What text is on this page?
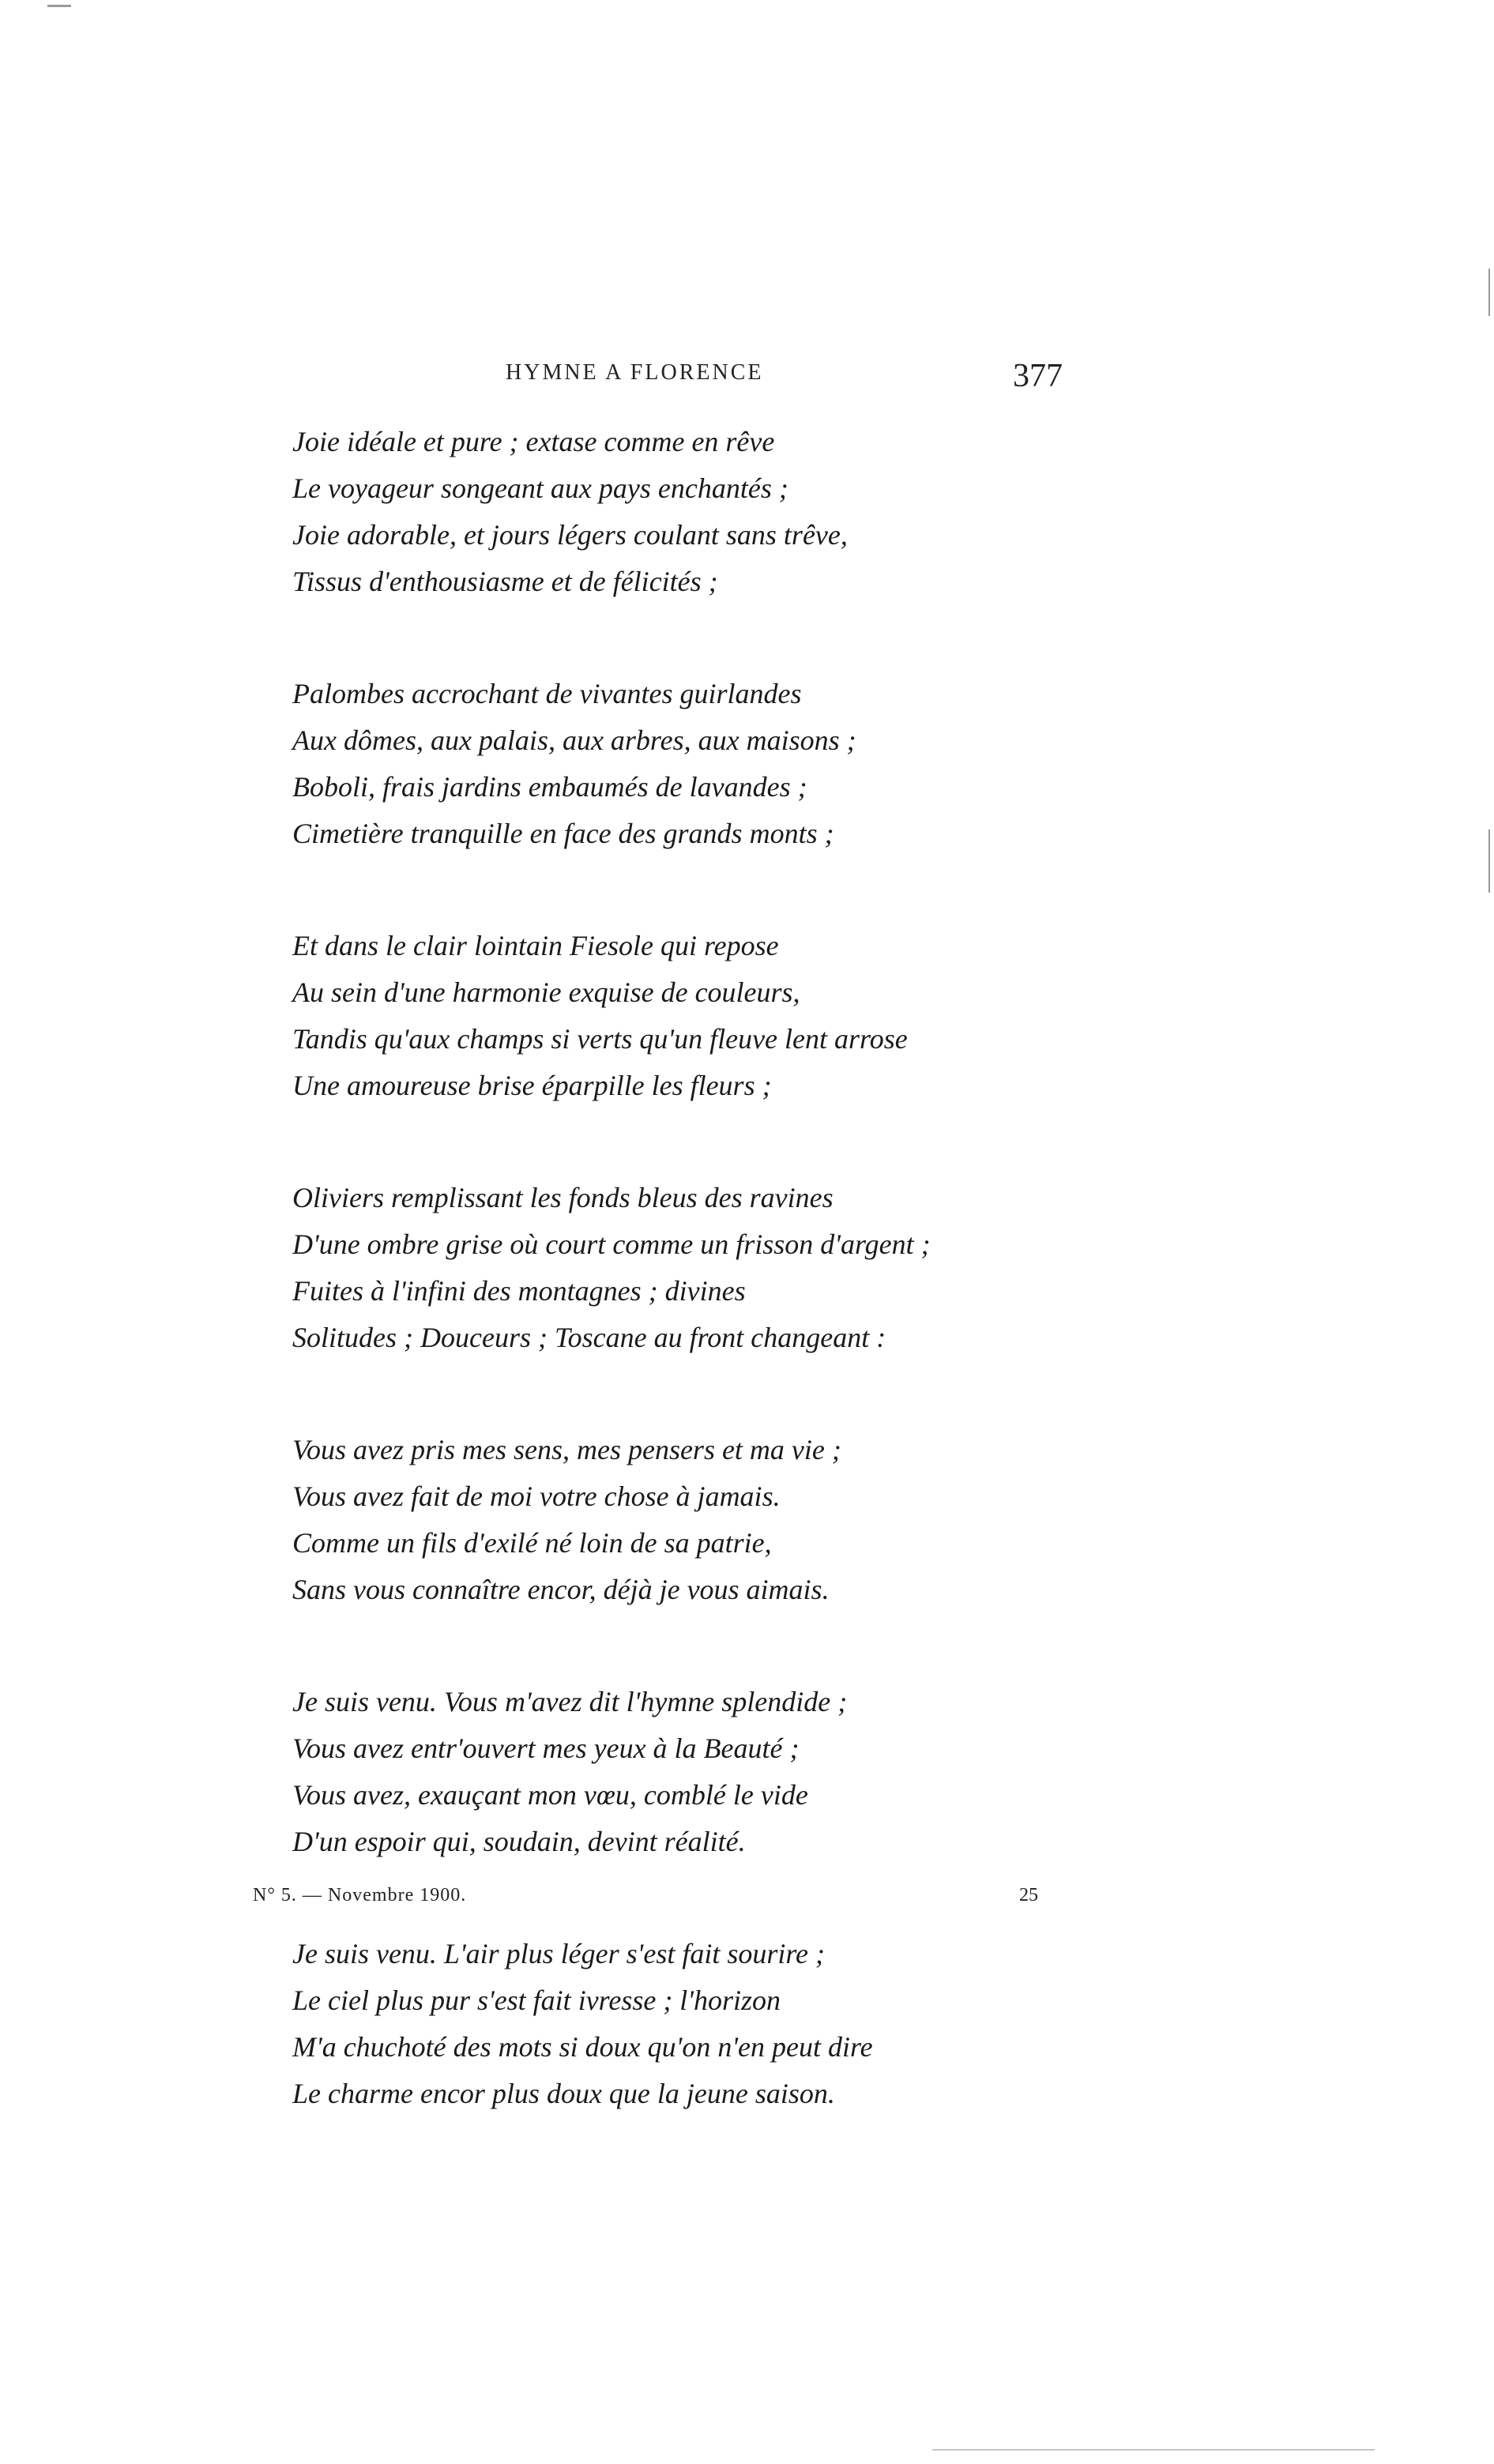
HYMNE A FLORENCE	377
Joie idéale et pure ; extase comme en rêve
Le voyageur songeant aux pays enchantés ;
Joie adorable, et jours légers coulant sans trêve,
Tissus d'enthousiasme et de félicités ;
Palombes accrochant de vivantes guirlandes
Aux dômes, aux palais, aux arbres, aux maisons ;
Boboli, frais jardins embaumés de lavandes ;
Cimetière tranquille en face des grands monts ;
Et dans le clair lointain Fiesole qui repose
Au sein d'une harmonie exquise de couleurs,
Tandis qu'aux champs si verts qu'un fleuve lent arrose
Une amoureuse brise éparpille les fleurs ;
Oliviers remplissant les fonds bleus des ravines
D'une ombre grise où court comme un frisson d'argent ;
Fuites à l'infini des montagnes ; divines
Solitudes ; Douceurs ; Toscane au front changeant :
Vous avez pris mes sens, mes pensers et ma vie ;
Vous avez fait de moi votre chose à jamais.
Comme un fils d'exilé né loin de sa patrie,
Sans vous connaître encor, déjà je vous aimais.
Je suis venu. Vous m'avez dit l'hymne splendide ;
Vous avez entr'ouvert mes yeux à la Beauté ;
Vous avez, exauçant mon vœu, comblé le vide
D'un espoir qui, soudain, devint réalité.
Je suis venu. L'air plus léger s'est fait sourire ;
Le ciel plus pur s'est fait ivresse ; l'horizon
M'a chuchoté des mots si doux qu'on n'en peut dire
Le charme encor plus doux que la jeune saison.
N° 5. — Novembre 1900.	25
